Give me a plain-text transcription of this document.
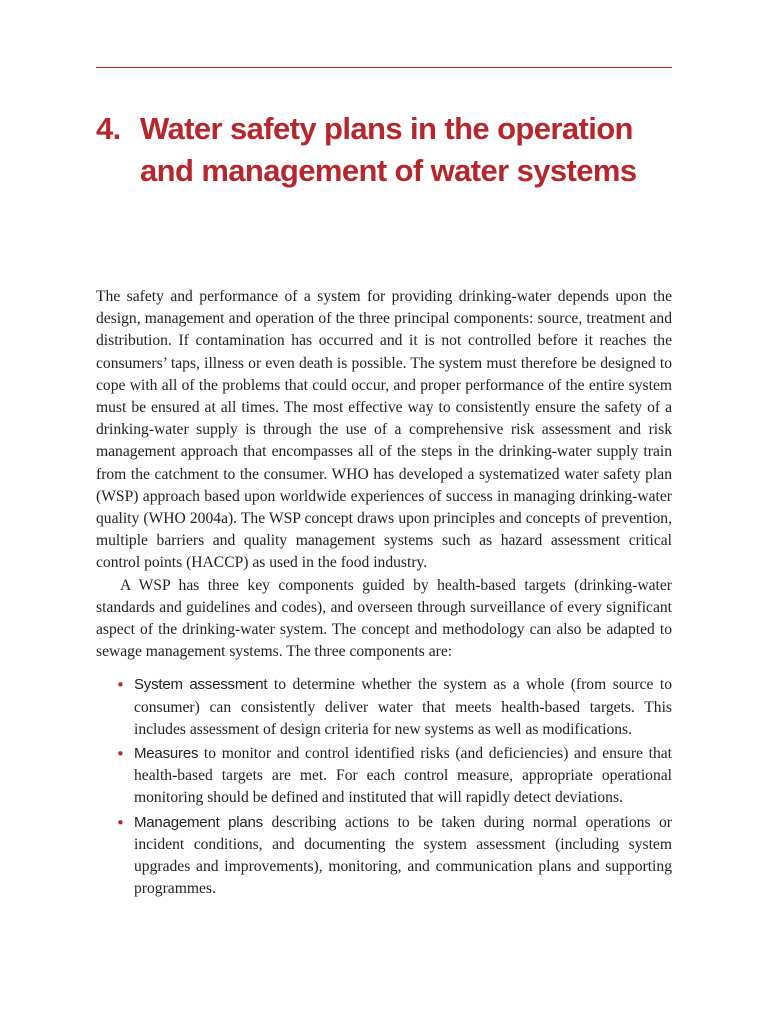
4. Water safety plans in the operation and management of water systems

The safety and performance of a system for providing drinking-water depends upon the design, management and operation of the three principal components: source, treatment and distribution. If contamination has occurred and it is not controlled before it reaches the consumers’ taps, illness or even death is possible. The system must therefore be designed to cope with all of the problems that could occur, and proper performance of the entire system must be ensured at all times. The most effective way to consistently ensure the safety of a drinking-water supply is through the use of a comprehensive risk assessment and risk management approach that encompasses all of the steps in the drinking-water supply train from the catchment to the consumer. WHO has developed a systematized water safety plan (WSP) approach based upon worldwide experiences of success in managing drinking-water quality (WHO 2004a). The WSP concept draws upon principles and concepts of prevention, multiple barriers and quality management systems such as hazard assessment critical control points (HACCP) as used in the food industry.

A WSP has three key components guided by health-based targets (drinking-water standards and guidelines and codes), and overseen through surveillance of every significant aspect of the drinking-water system. The concept and methodology can also be adapted to sewage management systems. The three components are:

• System assessment to determine whether the system as a whole (from source to consumer) can consistently deliver water that meets health-based targets. This includes assessment of design criteria for new systems as well as modifications.
• Measures to monitor and control identified risks (and deficiencies) and ensure that health-based targets are met. For each control measure, appropriate operational monitoring should be defined and instituted that will rapidly detect deviations.
• Management plans describing actions to be taken during normal operations or incident conditions, and documenting the system assessment (including system upgrades and improvements), monitoring, and communication plans and supporting programmes.
